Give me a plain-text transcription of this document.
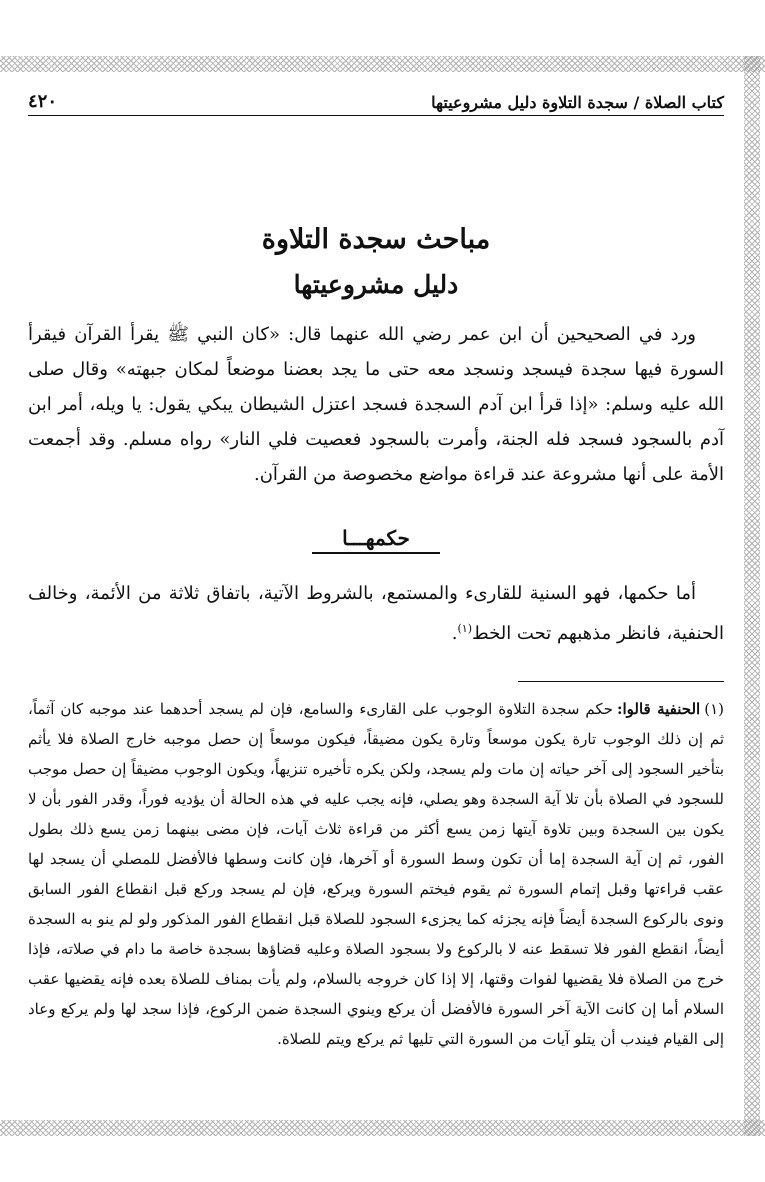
كتاب الصلاة / سجدة التلاوة دليل مشروعيتها
٤٢٠
مباحث سجدة التلاوة
دليل مشروعيتها

ورد في الصحيحين أن ابن عمر رضي الله عنهما قال: «كان النبي ﷺ يقرأ القرآن فيقرأ السورة فيها سجدة فيسجد ونسجد معه حتى ما يجد بعضنا موضعاً لمكان جبهته» وقال صلى الله عليه وسلم: «إذا قرأ ابن آدم السجدة فسجد اعتزل الشيطان يبكي يقول: يا ويله، أمر ابن آدم بالسجود فسجد فله الجنة، وأمرت بالسجود فعصيت فلي النار» رواه مسلم. وقد أجمعت الأمة على أنها مشروعة عند قراءة مواضع مخصوصة من القرآن.

حكمهـــا

أما حكمها، فهو السنية للقارىء والمستمع، بالشروط الآتية، باتفاق ثلاثة من الأئمة، وخالف الحنفية، فانظر مذهبهم تحت الخط$^{(١)}$.

(١)الحنفية قالوا:حكم سجدة التلاوة الوجوب على القارىء والسامع، فإن لم يسجد أحدهما عند موجبه كان آثماً، ثم إن ذلك الوجوب تارة يكون موسعاً وتارة يكون مضيقاً، فيكون موسعاً إن حصل موجبه خارج الصلاة فلا يأثم بتأخير السجود إلى آخر حياته إن مات ولم يسجد، ولكن يكره تأخيره تنزيهاً، ويكون الوجوب مضيقاً إن حصل موجب للسجود في الصلاة بأن تلا آية السجدة وهو يصلي، فإنه يجب عليه في هذه الحالة أن يؤديه فوراً، وقدر الفور بأن لا يكون بين السجدة وبين تلاوة آيتها زمن يسع أكثر من قراءة ثلاث آيات، فإن مضى بينهما زمن يسع ذلك بطول الفور، ثم إن آية السجدة إما أن تكون وسط السورة أو آخرها، فإن كانت وسطها فالأفضل للمصلي أن يسجد لها عقب قراءتها وقبل إتمام السورة ثم يقوم فيختم السورة ويركع، فإن لم يسجد وركع قبل انقطاع الفور السابق ونوى بالركوع السجدة أيضاً فإنه يجزئه كما يجزىء السجود للصلاة قبل انقطاع الفور المذكور ولو لم ينو به السجدة أيضاً، انقطع الفور فلا تسقط عنه لا بالركوع ولا بسجود الصلاة وعليه قضاؤها بسجدة خاصة ما دام في صلاته، فإذا خرج من الصلاة فلا يقضيها لفوات وقتها، إلا إذا كان خروجه بالسلام، ولم يأت بمناف للصلاة بعده فإنه يقضيها عقب السلام أما إن كانت الآية آخر السورة فالأفضل أن يركع وينوي السجدة ضمن الركوع، فإذا سجد لها ولم يركع وعاد إلى القيام فيندب أن يتلو آيات من السورة التي تليها ثم يركع ويتم للصلاة.
